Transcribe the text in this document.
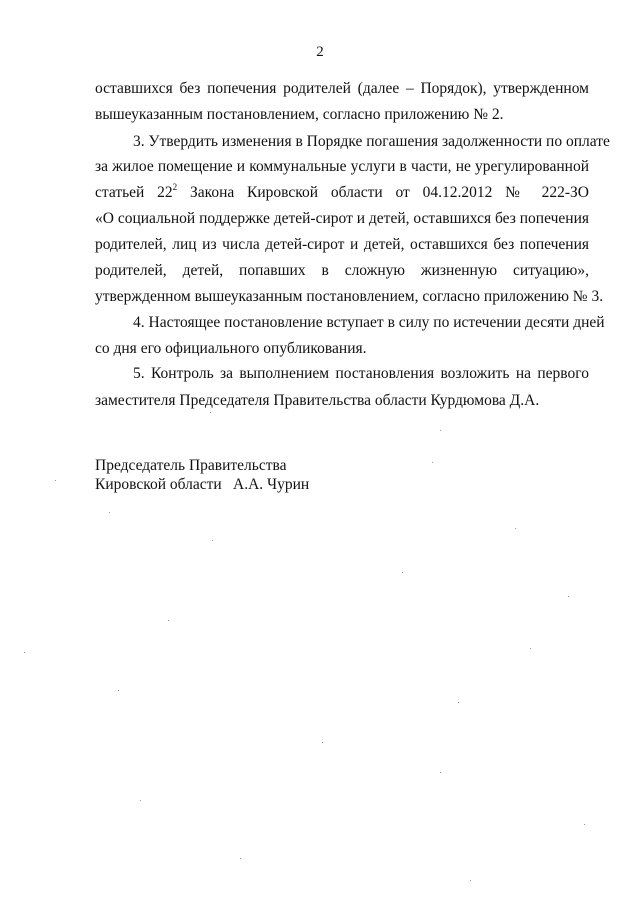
2
оставшихся без попечения родителей (далее – Порядок), утвержденном
вышеуказанным постановлением, согласно приложению № 2.
3. Утвердить изменения в Порядке погашения задолженности по оплате
за жилое помещение и коммунальные услуги в части, не урегулированной
статьей $22^2$ Закона Кировской области от 04.12.2012 № 222-ЗО
«О социальной поддержке детей-сирот и детей, оставшихся без попечения
родителей, лиц из числа детей-сирот и детей, оставшихся без попечения
родителей, детей, попавших в сложную жизненную ситуацию»,
утвержденном вышеуказанным постановлением, согласно приложению № 3.
4. Настоящее постановление вступает в силу по истечении десяти дней
со дня его официального опубликования.
5. Контроль за выполнением постановления возложить на первого
заместителя Председателя Правительства области Курдюмова Д.А.
Председатель Правительства
Кировской области А.А. Чурин
